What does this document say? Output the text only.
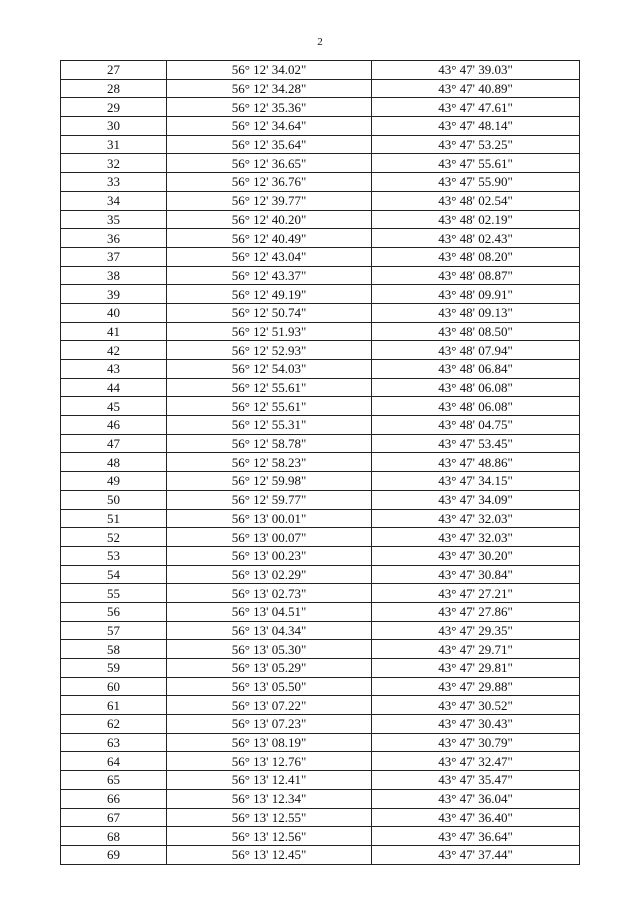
2
27	56° 12' 34.02"	43° 47' 39.03"
28	56° 12' 34.28"	43° 47' 40.89"
29	56° 12' 35.36"	43° 47' 47.61"
30	56° 12' 34.64"	43° 47' 48.14"
31	56° 12' 35.64"	43° 47' 53.25"
32	56° 12' 36.65"	43° 47' 55.61"
33	56° 12' 36.76"	43° 47' 55.90"
34	56° 12' 39.77"	43° 48' 02.54"
35	56° 12' 40.20"	43° 48' 02.19"
36	56° 12' 40.49"	43° 48' 02.43"
37	56° 12' 43.04"	43° 48' 08.20"
38	56° 12' 43.37"	43° 48' 08.87"
39	56° 12' 49.19"	43° 48' 09.91"
40	56° 12' 50.74"	43° 48' 09.13"
41	56° 12' 51.93"	43° 48' 08.50"
42	56° 12' 52.93"	43° 48' 07.94"
43	56° 12' 54.03"	43° 48' 06.84"
44	56° 12' 55.61"	43° 48' 06.08"
45	56° 12' 55.61"	43° 48' 06.08"
46	56° 12' 55.31"	43° 48' 04.75"
47	56° 12' 58.78"	43° 47' 53.45"
48	56° 12' 58.23"	43° 47' 48.86"
49	56° 12' 59.98"	43° 47' 34.15"
50	56° 12' 59.77"	43° 47' 34.09"
51	56° 13' 00.01"	43° 47' 32.03"
52	56° 13' 00.07"	43° 47' 32.03"
53	56° 13' 00.23"	43° 47' 30.20"
54	56° 13' 02.29"	43° 47' 30.84"
55	56° 13' 02.73"	43° 47' 27.21"
56	56° 13' 04.51"	43° 47' 27.86"
57	56° 13' 04.34"	43° 47' 29.35"
58	56° 13' 05.30"	43° 47' 29.71"
59	56° 13' 05.29"	43° 47' 29.81"
60	56° 13' 05.50"	43° 47' 29.88"
61	56° 13' 07.22"	43° 47' 30.52"
62	56° 13' 07.23"	43° 47' 30.43"
63	56° 13' 08.19"	43° 47' 30.79"
64	56° 13' 12.76"	43° 47' 32.47"
65	56° 13' 12.41"	43° 47' 35.47"
66	56° 13' 12.34"	43° 47' 36.04"
67	56° 13' 12.55"	43° 47' 36.40"
68	56° 13' 12.56"	43° 47' 36.64"
69	56° 13' 12.45"	43° 47' 37.44"
